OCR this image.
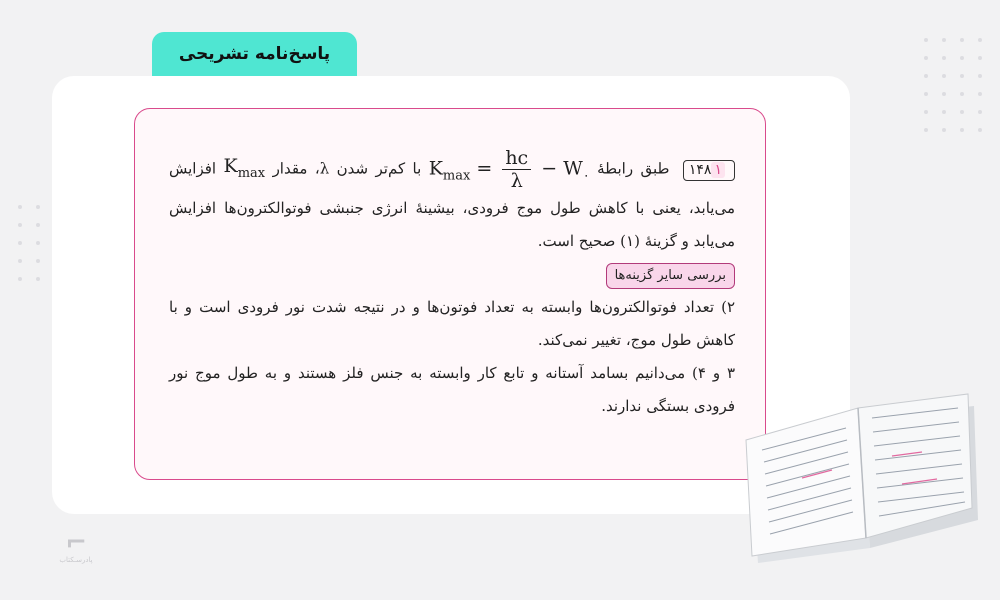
پاسخ‌نامه تشریحی

۱۴۸ ۱ طبق رابطهٔ $K_{max} = \frac{hc}{\lambda} - W_۰$ با کم‌تر شدن λ، مقدار $K_{max}$ افزایش می‌یابد، یعنی با کاهش طول موج فرودی، بیشینهٔ انرژی جنبشی فوتوالکترون‌ها افزایش می‌یابد و گزینهٔ (۱) صحیح است.

بررسی سایر گزینه‌ها

۲) تعداد فوتوالکترون‌ها وابسته به تعداد فوتون‌ها و در نتیجه شدت نور فرودی است و با کاهش طول موج، تغییر نمی‌کند.

۳ و ۴) می‌دانیم بسامد آستانه و تابع کار وابسته به جنس فلز هستند و به طول موج نور فرودی بستگی ندارند.

⌐
پادرسـکتاب
